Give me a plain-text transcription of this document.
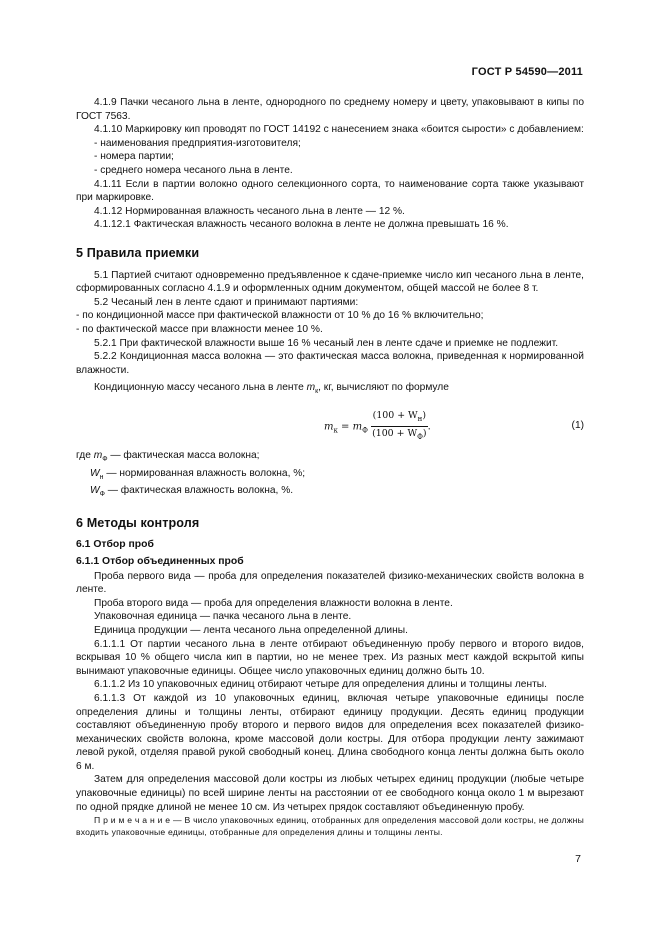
ГОСТ Р 54590—2011

4.1.9 Пачки чесаного льна в ленте, однородного по среднему номеру и цвету, упаковывают в кипы по ГОСТ 7563.

4.1.10 Маркировку кип проводят по ГОСТ 14192 с нанесением знака «боится сырости» с добавлением:

- наименования предприятия-изготовителя;

- номера партии;

- среднего номера чесаного льна в ленте.

4.1.11 Если в партии волокно одного селекционного сорта, то наименование сорта также указывают при маркировке.

4.1.12 Нормированная влажность чесаного льна в ленте — 12 %.

4.1.12.1 Фактическая влажность чесаного волокна в ленте не должна превышать 16 %.

5 Правила приемки

5.1 Партией считают одновременно предъявленное к сдаче-приемке число кип чесаного льна в ленте, сформированных согласно 4.1.9 и оформленных одним документом, общей массой не более 8 т.

5.2 Чесаный лен в ленте сдают и принимают партиями:

- по кондиционной массе при фактической влажности от 10 % до 16 % включительно;

- по фактической массе при влажности менее 10 %.

5.2.1 При фактической влажности выше 16 % чесаный лен в ленте сдаче и приемке не подлежит.

5.2.2 Кондиционная масса волокна — это фактическая масса волокна, приведенная к нормированной влажности.

Кондиционную массу чесаного льна в ленте $m_к$, кг, вычисляют по формуле

$m_к = m_Ф \frac{(100 + W_н)}{(100 + W_Ф)}$ .	(1)

где $m_Ф$ — фактическая масса волокна;

$W_н$ — нормированная влажность волокна, %;

$W_Ф$ — фактическая влажность волокна, %.

6 Методы контроля
6.1 Отбор проб
6.1.1 Отбор объединенных проб

Проба первого вида — проба для определения показателей физико-механических свойств волокна в ленте.

Проба второго вида — проба для определения влажности волокна в ленте.

Упаковочная единица — пачка чесаного льна в ленте.

Единица продукции — лента чесаного льна определенной длины.

6.1.1.1 От партии чесаного льна в ленте отбирают объединенную пробу первого и второго видов, вскрывая 10 % общего числа кип в партии, но не менее трех. Из разных мест каждой вскрытой кипы вынимают упаковочные единицы. Общее число упаковочных единиц должно быть 10.

6.1.1.2 Из 10 упаковочных единиц отбирают четыре для определения длины и толщины ленты.

6.1.1.3 От каждой из 10 упаковочных единиц, включая четыре упаковочные единицы после определения длины и толщины ленты, отбирают единицу продукции. Десять единиц продукции составляют объединенную пробу второго и первого видов для определения всех показателей физико-механических свойств волокна, кроме массовой доли костры. Для отбора продукции ленту зажимают левой рукой, отделяя правой рукой свободный конец. Длина свободного конца ленты должна быть около 6 м.

Затем для определения массовой доли костры из любых четырех единиц продукции (любые четыре упаковочные единицы) по всей ширине ленты на расстоянии от ее свободного конца около 1 м вырезают по одной прядке длиной не менее 10 см. Из четырех прядок составляют объединенную пробу.

П р и м е ч а н и е — В число упаковочных единиц, отобранных для определения массовой доли костры, не должны входить упаковочные единицы, отобранные для определения длины и толщины ленты.

7
